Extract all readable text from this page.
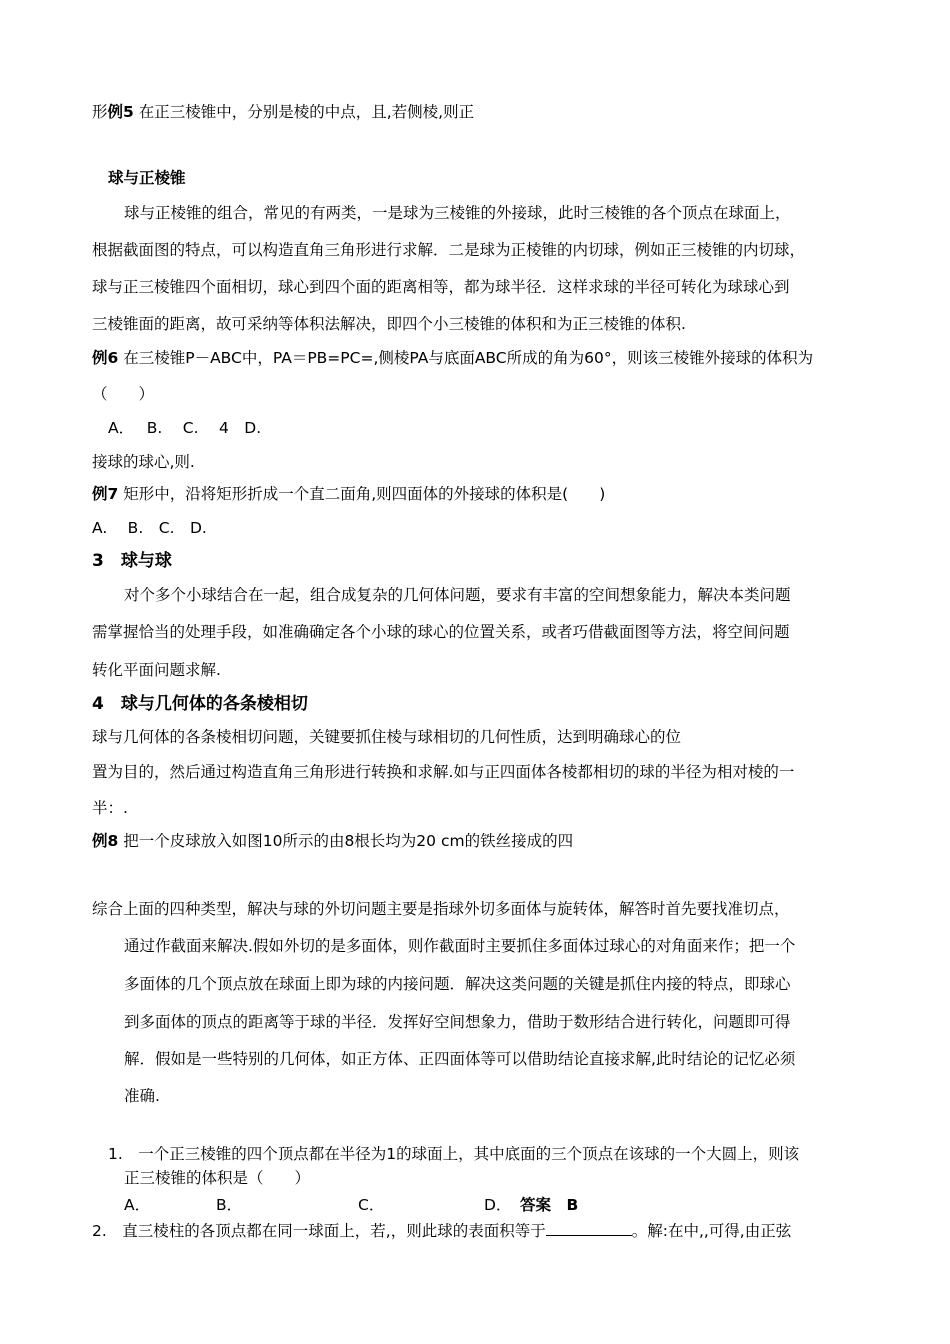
形例5 在正三棱锥中，分别是棱的中点，且,若侧棱,则正
球与正棱锥
球与正棱锥的组合，常见的有两类，一是球为三棱锥的外接球，此时三棱锥的各个顶点在球面上，
根据截面图的特点，可以构造直角三角形进行求解．二是球为正棱锥的内切球，例如正三棱锥的内切球，
球与正三棱锥四个面相切，球心到四个面的距离相等，都为球半径．这样求球的半径可转化为球球心到
三棱锥面的距离，故可采纳等体积法解决，即四个小三棱锥的体积和为正三棱锥的体积.
例6 在三棱锥P－ABC中，PA＝PB=PC=,侧棱PA与底面ABC所成的角为60°，则该三棱锥外接球的体积为
（　　）
A．　 B.　 C.　 4　D.
接球的球心,则.
例7 矩形中，沿将矩形折成一个直二面角,则四面体的外接球的体积是(　　)
A.　 B.　C.　D.
3　球与球
对个多个小球结合在一起，组合成复杂的几何体问题，要求有丰富的空间想象能力，解决本类问题
需掌握恰当的处理手段，如准确确定各个小球的球心的位置关系，或者巧借截面图等方法，将空间问题
转化平面问题求解.
4　球与几何体的各条棱相切
球与几何体的各条棱相切问题，关键要抓住棱与球相切的几何性质，达到明确球心的位
置为目的，然后通过构造直角三角形进行转换和求解.如与正四面体各棱都相切的球的半径为相对棱的一
半：.
例8 把一个皮球放入如图10所示的由8根长均为20 cm的铁丝接成的四
综合上面的四种类型，解决与球的外切问题主要是指球外切多面体与旋转体，解答时首先要找准切点，
通过作截面来解决.假如外切的是多面体，则作截面时主要抓住多面体过球心的对角面来作；把一个
多面体的几个顶点放在球面上即为球的内接问题．解决这类问题的关键是抓住内接的特点，即球心
到多面体的顶点的距离等于球的半径．发挥好空间想象力，借助于数形结合进行转化，问题即可得
解．假如是一些特别的几何体，如正方体、正四面体等可以借助结论直接求解,此时结论的记忆必须
准确.
1.　一个正三棱锥的四个顶点都在半径为1的球面上，其中底面的三个顶点在该球的一个大圆上，则该
正三棱锥的体积是（　　）
A．	B．	C．	D． 答案　B
2.　直三棱柱的各顶点都在同一球面上，若,，则此球的表面积等于	。解:在中,,可得,由正弦
